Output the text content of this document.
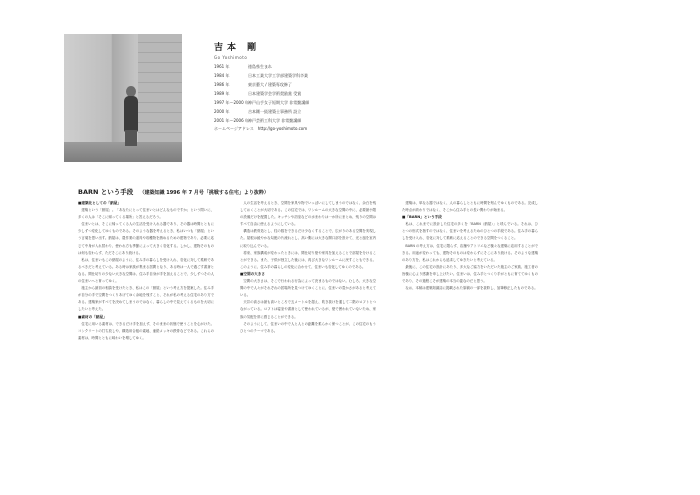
吉本 剛
Go Yoshimoto
1961 年	徳島県生まれ
1984 年	日本工業大学工学部建築学科卒業
1986 年	東京藝大 / 建築専攻修了
1989 年	日本建築学会学術奨励賞 受賞
1997 年〜2000 年神戸山手女子短期大学 非常勤講師
2000 年	吉本剛一級建築士事務所 設立
2001 年〜2006 年神戸芸術工科大学 非常勤講師
ホームページアドレス　http://go-yoshimoto.com
BARN という手段 （建築知識 1996 年 7 月号「挑戦する住宅」より抜粋）

■建築化としての「納屋」

　建築という「納屋」。「あなたにとって住まいとはどんなものですか」という問いに、多くの人は「そこに帰ってくる場所」と答えるだろう。

　住まいとは、そこに帰ってくる人の生活を受け入れる器であり、その器は時間とともに少しずつ変化してゆくものである。そのような器を考えるとき、私はいつも「納屋」という言葉を思い出す。納屋は、農作業の道具や収穫物を納めるための建物であり、必要に応じて中身が入れ替わり、使われ方も季節によって大きく変化する。しかし、建物そのものは何も変わらず、ただそこにあり続ける。

　私は、住まいもこの納屋のように、住み手の暮らしを受け入れ、変化に対して柔軟であるべきだと考えている。ある時は家族が集まる居間となり、ある時は一人で過ごす書斎となる。間仕切りの少ない大きな空間は、住み手自身が手を加えることで、少しずつその人の住まいへと育ってゆく。

　施主から最初の相談を受けたとき、私はこの「納屋」という考え方を提案した。住み手が自分の手で空間をつくりあげてゆく余地を残すこと、それが私の考える住宅のあり方である。建築家がすべてを決めてしまうのではなく、暮らしの中で見えてくるものを大切にしたいと考えた。

■素材の「納屋」

　住宅に用いる素材は、できるだけ手を加えず、そのままの状態で使うことを心がけた。コンクリートの打ち放しや、構造用合板の素地、亜鉛メッキの鉄骨などである。これらの素材は、時間とともに味わいを増してゆく。

　人の生活を考えるとき、空間を家具や物でいっぱいにしてしまうのではなく、余白を残しておくことが大切である。この住宅では、ワンルームの大きな空間の中に、必要最小限の設備だけを配置した。キッチンや浴室などの水まわりは一か所にまとめ、残りの空間はすべて自由に使えるようにしている。

　構造は鉄骨造とし、柱の数をできるだけ少なくすることで、広がりのある空間を実現した。屋根は緩やかな勾配の片流れとし、高い側には大きな開口部を設けて、光と風を室内に取り込んでいる。

　将来、家族構成が変わったときには、間仕切り壁や家具を加えることで部屋を分けることができる。また、子供が独立した後には、再び大きなワンルームに戻すこともできる。このように、住み手の暮らしの変化に合わせて、住まいも変化してゆくのである。

■空間の大きさ

　空間の大きさは、そこで行われる行為によって決まるものではない。むしろ、大きな空間の中で人々がそれぞれの居場所を見つけてゆくことに、住まいの豊かさがあると考えている。

　天井の高さは最も高いところで五メートルを超え、吹き抜けを通して二階のロフトとつながっている。ロフトは寝室や書斎として使われているが、壁で囲われていないため、家族の気配を常に感じることができる。

　そのようにして、住まいの中で人と人との距離を柔らかく保つことが、この住宅のもうひとつのテーマである。

　建築は、単なる器ではなく、人の暮らしとともに時間を刻んでゆくものである。完成した時点が終わりではなく、そこから住み手との長い関わりが始まる。

■「BARN」という手段

　私は、これまでに設計した住宅の多くを「BARN（納屋）」と呼んでいる。それは、ひとつの形式を指すのではなく、住まいを考えるためのひとつの手段である。住み手の暮らしを受け入れ、変化に対して柔軟に応えることのできる空間をつくること。

　BARN の考え方は、住宅に限らず、店舗やアトリエなど様々な建築に応用することができる。用途が変わっても、建物そのものは変わらずにそこにあり続ける。そのような建築のあり方を、私はこれからも追求してゆきたいと考えている。

　最後に、この住宅の設計にあたり、多大なご協力をいただいた施主のご家族、施工者の皆様に心より感謝を申し上げたい。住まいは、住み手とつくり手がともに育ててゆくものであり、その過程こそが建築の本当の姿なのだと思う。

　なお、本稿は建築知識誌に掲載された原稿の一部を抜粋し、加筆修正したものである。
